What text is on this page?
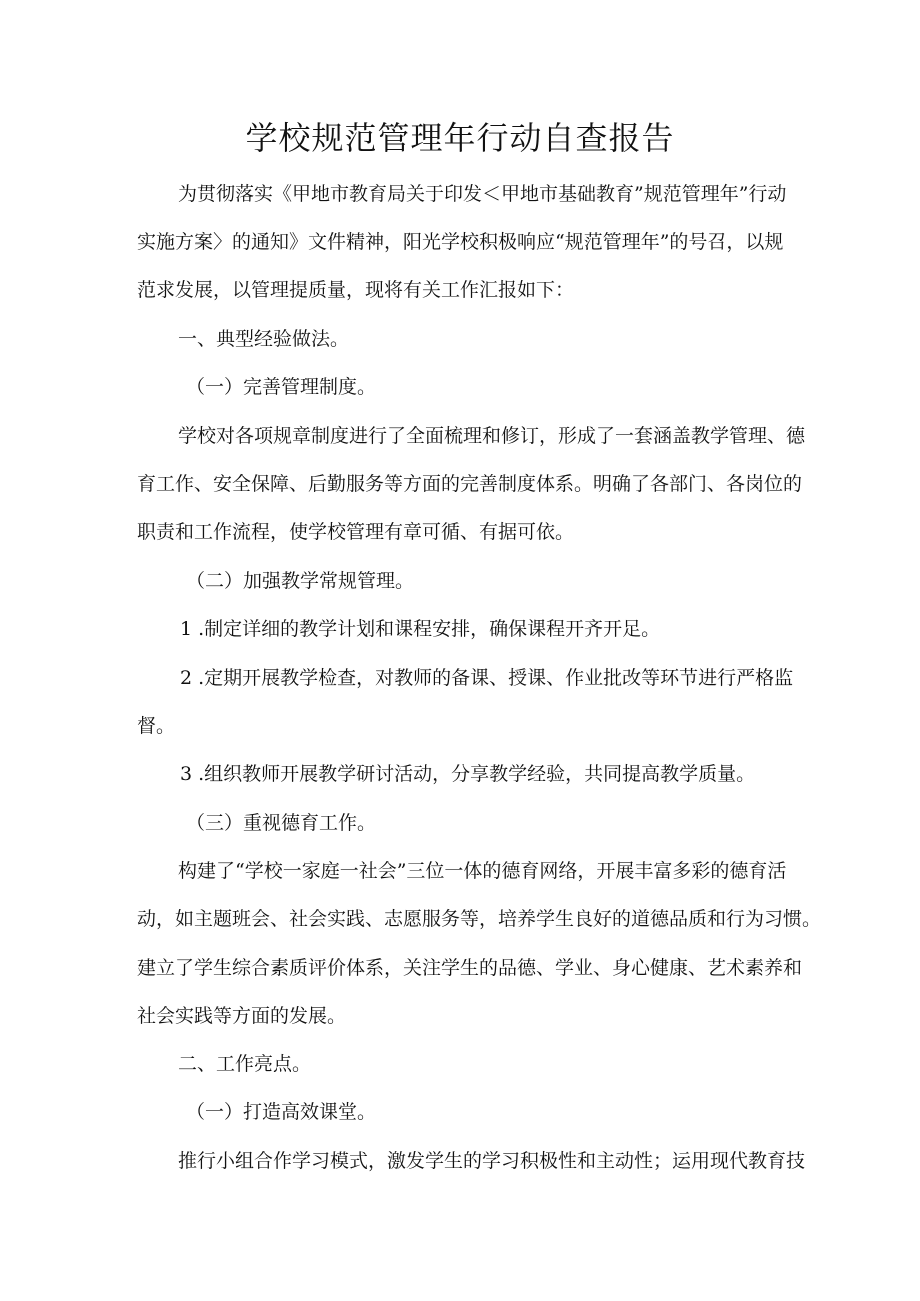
学校规范管理年行动自查报告

为贯彻落实《甲地市教育局关于印发＜甲地市基础教育”规范管理年”行动

实施方案〉的通知》文件精神，阳光学校积极响应“规范管理年”的号召，以规

范求发展，以管理提质量，现将有关工作汇报如下：

一、典型经验做法。

（一）完善管理制度。

学校对各项规章制度进行了全面梳理和修订，形成了一套涵盖教学管理、德

育工作、安全保障、后勤服务等方面的完善制度体系。明确了各部门、各岗位的

职责和工作流程，使学校管理有章可循、有据可依。

（二）加强教学常规管理。

1 .制定详细的教学计划和课程安排，确保课程开齐开足。

2 .定期开展教学检查，对教师的备课、授课、作业批改等环节进行严格监

督。

3 .组织教师开展教学研讨活动，分享教学经验，共同提高教学质量。

（三）重视德育工作。

构建了“学校一家庭一社会”三位一体的德育网络，开展丰富多彩的德育活

动，如主题班会、社会实践、志愿服务等，培养学生良好的道德品质和行为习惯。

建立了学生综合素质评价体系，关注学生的品德、学业、身心健康、艺术素养和

社会实践等方面的发展。

二、工作亮点。

（一）打造高效课堂。

推行小组合作学习模式，激发学生的学习积极性和主动性；运用现代教育技
